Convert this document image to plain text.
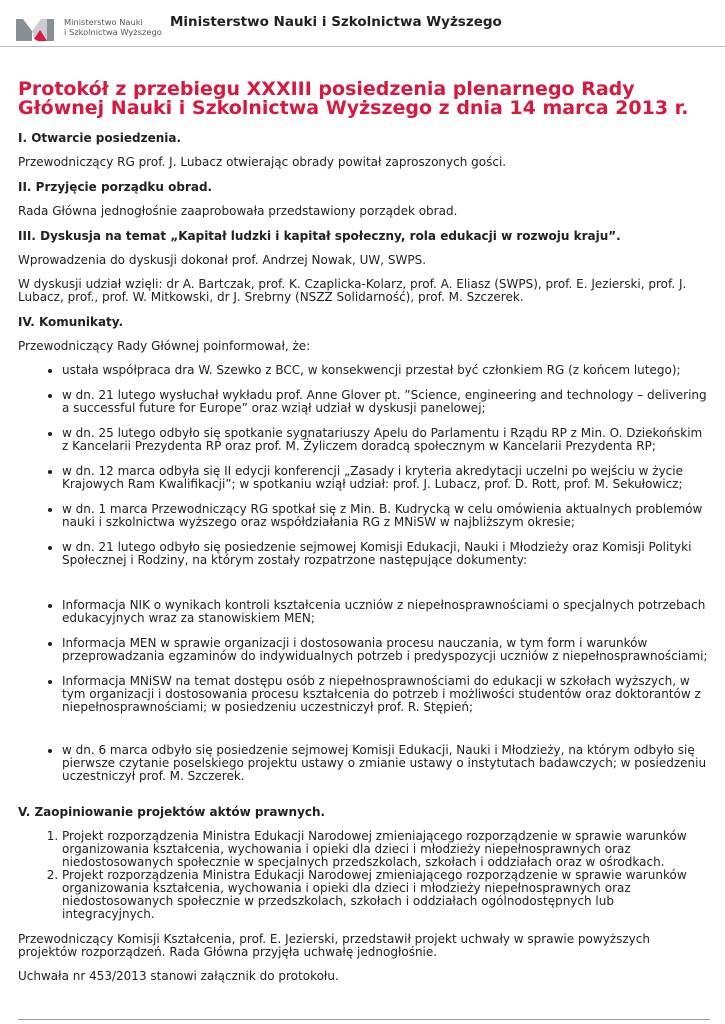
Ministerstwo Nauki
i Szkolnictwa Wyższego
Ministerstwo Nauki i Szkolnictwa Wyższego
Protokół z przebiegu XXXIII posiedzenia plenarnego Rady Głównej Nauki i Szkolnictwa Wyższego z dnia 14 marca 2013 r.
I. Otwarcie posiedzenia.

Przewodniczący RG prof. J. Lubacz otwierając obrady powitał zaproszonych gości.

II. Przyjęcie porządku obrad.

Rada Główna jednogłośnie zaaprobowała przedstawiony porządek obrad.

III. Dyskusja na temat „Kapitał ludzki i kapitał społeczny, rola edukacji w rozwoju kraju”.

Wprowadzenia do dyskusji dokonał prof. Andrzej Nowak, UW, SWPS.

W dyskusji udział wzięli: dr A. Bartczak, prof. K. Czaplicka-Kolarz, prof. A. Eliasz (SWPS), prof. E. Jezierski, prof. J. Lubacz, prof., prof. W. Mitkowski, dr J. Srebrny (NSZZ Solidarność), prof. M. Szczerek.

IV. Komunikaty.

Przewodniczący Rady Głównej poinformował, że:

• ustała współpraca dra W. Szewko z BCC, w konsekwencji przestał być członkiem RG (z końcem lutego);
• w dn. 21 lutego wysłuchał wykładu prof. Anne Glover pt. ”Science, engineering and technology – delivering a successful future for Europe” oraz wziął udział w dyskusji panelowej;
• w dn. 25 lutego odbyło się spotkanie sygnatariuszy Apelu do Parlamentu i Rządu RP z Min. O. Dziekońskim z Kancelarii Prezydenta RP oraz prof. M. Żyliczem doradcą społecznym w Kancelarii Prezydenta RP;
• w dn. 12 marca odbyła się II edycji konferencji „Zasady i kryteria akredytacji uczelni po wejściu w życie Krajowych Ram Kwalifikacji”; w spotkaniu wziął udział: prof. J. Lubacz, prof. D. Rott, prof. M. Sekułowicz;
• w dn. 1 marca Przewodniczący RG spotkał się z Min. B. Kudrycką w celu omówienia aktualnych problemów nauki i szkolnictwa wyższego oraz współdziałania RG z MNiSW w najbliższym okresie;
• w dn. 21 lutego odbyło się posiedzenie sejmowej Komisji Edukacji, Nauki i Młodzieży oraz Komisji Polityki Społecznej i Rodziny, na którym zostały rozpatrzone następujące dokumenty:
• Informacja NIK o wynikach kontroli kształcenia uczniów z niepełnosprawnościami o specjalnych potrzebach edukacyjnych wraz za stanowiskiem MEN;
• Informacja MEN w sprawie organizacji i dostosowania procesu nauczania, w tym form i warunków przeprowadzania egzaminów do indywidualnych potrzeb i predyspozycji uczniów z niepełnosprawnościami;
• Informacja MNiSW na temat dostępu osób z niepełnosprawnościami do edukacji w szkołach wyższych, w tym organizacji i dostosowania procesu kształcenia do potrzeb i możliwości studentów oraz doktorantów z niepełnosprawnościami; w posiedzeniu uczestniczył prof. R. Stępień;
• w dn. 6 marca odbyło się posiedzenie sejmowej Komisji Edukacji, Nauki i Młodzieży, na którym odbyło się pierwsze czytanie poselskiego projektu ustawy o zmianie ustawy o instytutach badawczych; w posiedzeniu uczestniczył prof. M. Szczerek.
V. Zaopiniowanie projektów aktów prawnych.
1. Projekt rozporządzenia Ministra Edukacji Narodowej zmieniającego rozporządzenie w sprawie warunków organizowania kształcenia, wychowania i opieki dla dzieci i młodzieży niepełnosprawnych oraz niedostosowanych społecznie w specjalnych przedszkolach, szkołach i oddziałach oraz w ośrodkach.
2. Projekt rozporządzenia Ministra Edukacji Narodowej zmieniającego rozporządzenie w sprawie warunków organizowania kształcenia, wychowania i opieki dla dzieci i młodzieży niepełnosprawnych oraz niedostosowanych społecznie w przedszkolach, szkołach i oddziałach ogólnodostępnych lub integracyjnych.

Przewodniczący Komisji Kształcenia, prof. E. Jezierski, przedstawił projekt uchwały w sprawie powyższych projektów rozporządzeń. Rada Główna przyjęła uchwałę jednogłośnie.

Uchwała nr 453/2013 stanowi załącznik do protokołu.
